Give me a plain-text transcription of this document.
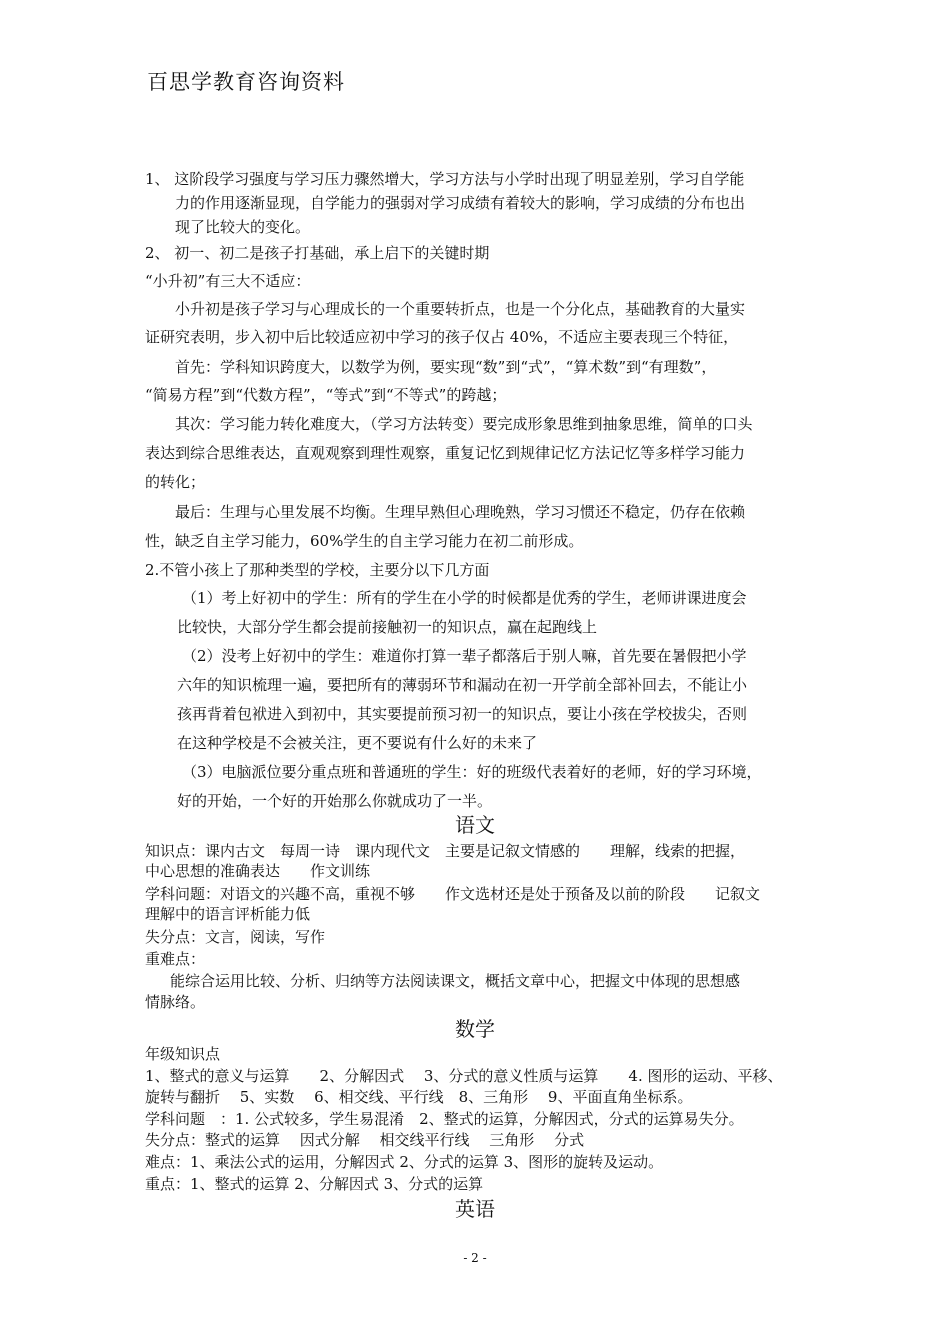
百思学教育咨询资料
1、 这阶段学习强度与学习压力骤然增大，学习方法与小学时出现了明显差别，学习自学能
力的作用逐渐显现，自学能力的强弱对学习成绩有着较大的影响，学习成绩的分布也出
现了比较大的变化。
2、 初一、初二是孩子打基础，承上启下的关键时期
“小升初”有三大不适应：
小升初是孩子学习与心理成长的一个重要转折点，也是一个分化点，基础教育的大量实
证研究表明，步入初中后比较适应初中学习的孩子仅占 40%，不适应主要表现三个特征，
首先：学科知识跨度大，以数学为例，要实现“数”到“式”，“算术数”到“有理数”，
“简易方程”到“代数方程”，“等式”到“不等式”的跨越；
其次：学习能力转化难度大，（学习方法转变）要完成形象思维到抽象思维，简单的口头
表达到综合思维表达，直观观察到理性观察，重复记忆到规律记忆方法记忆等多样学习能力
的转化；
最后：生理与心里发展不均衡。生理早熟但心理晚熟，学习习惯还不稳定，仍存在依赖
性，缺乏自主学习能力，60%学生的自主学习能力在初二前形成。
2.不管小孩上了那种类型的学校，主要分以下几方面
（1）考上好初中的学生：所有的学生在小学的时候都是优秀的学生，老师讲课进度会
比较快，大部分学生都会提前接触初一的知识点，赢在起跑线上
（2）没考上好初中的学生：难道你打算一辈子都落后于别人嘛，首先要在暑假把小学
六年的知识梳理一遍，要把所有的薄弱环节和漏动在初一开学前全部补回去，不能让小
孩再背着包袱进入到初中，其实要提前预习初一的知识点，要让小孩在学校拔尖，否则
在这种学校是不会被关注，更不要说有什么好的未来了
（3）电脑派位要分重点班和普通班的学生：好的班级代表着好的老师，好的学习环境，
好的开始，一个好的开始那么你就成功了一半。
语文
知识点：课内古文　每周一诗　课内现代文　主要是记叙文情感的　　理解，线索的把握，
中心思想的准确表达　　作文训练
学科问题：对语文的兴趣不高，重视不够　　作文选材还是处于预备及以前的阶段　　记叙文
理解中的语言评析能力低
失分点：文言，阅读，写作
重难点：
能综合运用比较、分析、归纳等方法阅读课文，概括文章中心，把握文中体现的思想感
情脉络。
数学
年级知识点
1、整式的意义与运算　　2、分解因式　 3、分式的意义性质与运算　　4. 图形的运动、平移、
旋转与翻折　 5、实数　 6、相交线、平行线　8、三角形　 9、平面直角坐标系。
学科问题　：1. 公式较多，学生易混淆　2、整式的运算，分解因式，分式的运算易失分。
失分点：整式的运算　 因式分解　 相交线平行线　 三角形　 分式
难点：1、乘法公式的运用，分解因式 2、分式的运算 3、图形的旋转及运动。
重点：1、整式的运算 2、分解因式 3、分式的运算
英语
- 2 -
